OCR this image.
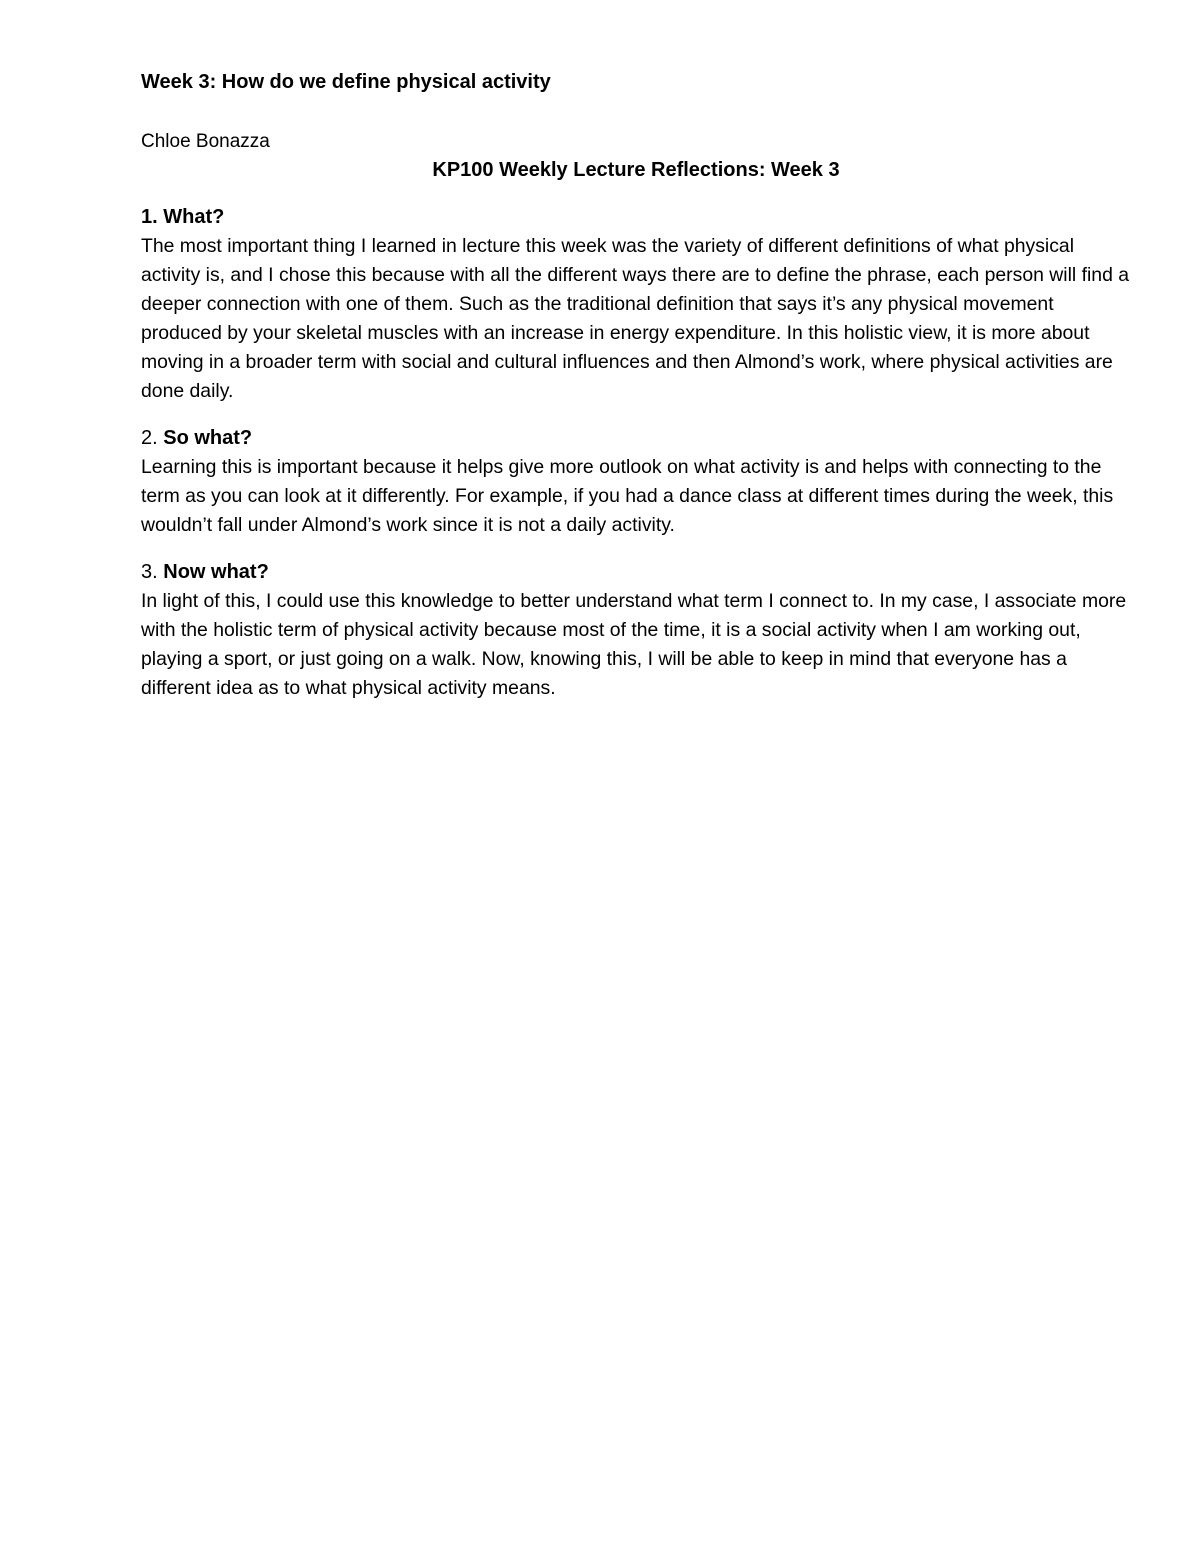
Week 3: How do we define physical activity

Chloe Bonazza

KP100 Weekly Lecture Reflections: Week 3

1. What?

The most important thing I learned in lecture this week was the variety of different definitions of what physical activity is, and I chose this because with all the different ways there are to define the phrase, each person will find a deeper connection with one of them. Such as the traditional definition that says it’s any physical movement produced by your skeletal muscles with an increase in energy expenditure. In this holistic view, it is more about moving in a broader term with social and cultural influences and then Almond’s work, where physical activities are done daily.

2. So what?

Learning this is important because it helps give more outlook on what activity is and helps with connecting to the term as you can look at it differently. For example, if you had a dance class at different times during the week, this wouldn’t fall under Almond’s work since it is not a daily activity.

3. Now what?

In light of this, I could use this knowledge to better understand what term I connect to. In my case, I associate more with the holistic term of physical activity because most of the time, it is a social activity when I am working out, playing a sport, or just going on a walk. Now, knowing this, I will be able to keep in mind that everyone has a different idea as to what physical activity means.
